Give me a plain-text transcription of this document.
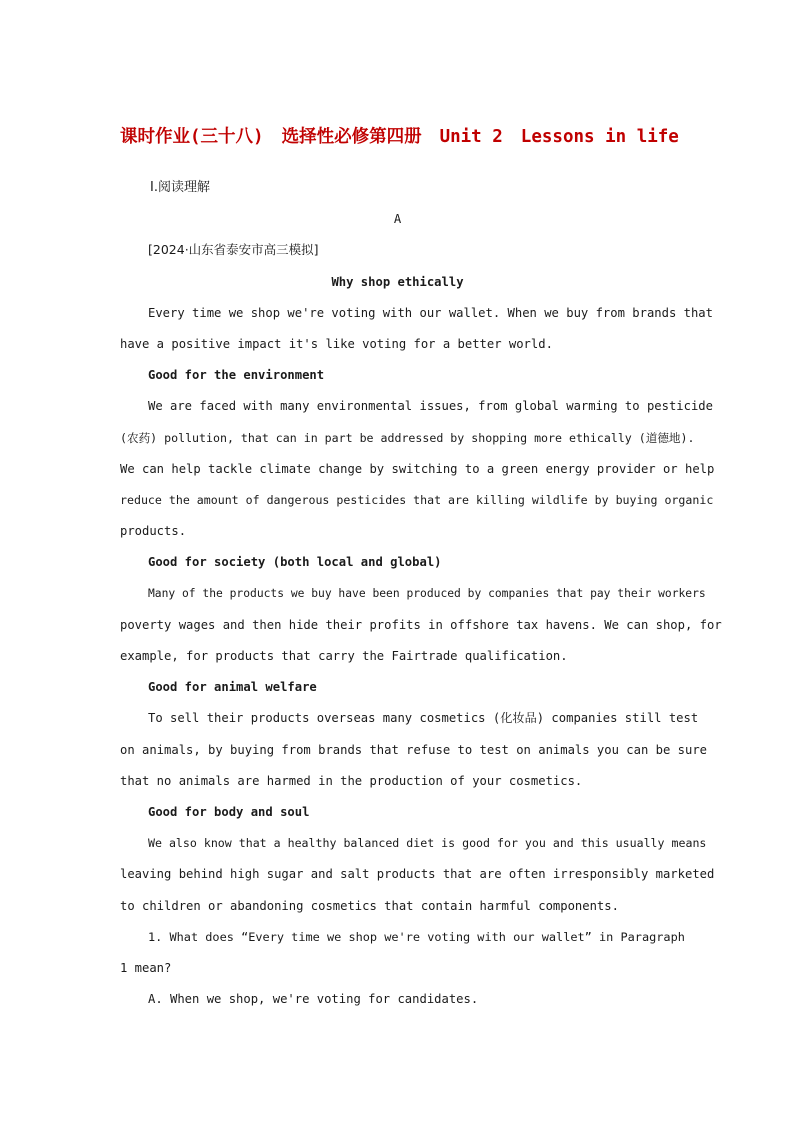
课时作业(三十八) 选择性必修第四册 Unit 2 Lessons in life
Ⅰ.阅读理解
A
[2024·山东省泰安市高三模拟]
Why shop ethically
Every time we shop we're voting with our wallet. When we buy from brands that
have a positive impact it's like voting for a better world.
Good for the environment
We are faced with many environmental issues, from global warming to pesticide
(农药) pollution, that can in part be addressed by shopping more ethically (道德地).
We can help tackle climate change by switching to a green energy provider or help
reduce the amount of dangerous pesticides that are killing wildlife by buying organic
products.
Good for society (both local and global)
Many of the products we buy have been produced by companies that pay their workers
poverty wages and then hide their profits in offshore tax havens. We can shop, for
example, for products that carry the Fairtrade qualification.
Good for animal welfare
To sell their products overseas many cosmetics (化妆品) companies still test
on animals, by buying from brands that refuse to test on animals you can be sure
that no animals are harmed in the production of your cosmetics.
Good for body and soul
We also know that a healthy balanced diet is good for you and this usually means
leaving behind high sugar and salt products that are often irresponsibly marketed
to children or abandoning cosmetics that contain harmful components.
1. What does “Every time we shop we're voting with our wallet” in Paragraph
1 mean?
A. When we shop, we're voting for candidates.
